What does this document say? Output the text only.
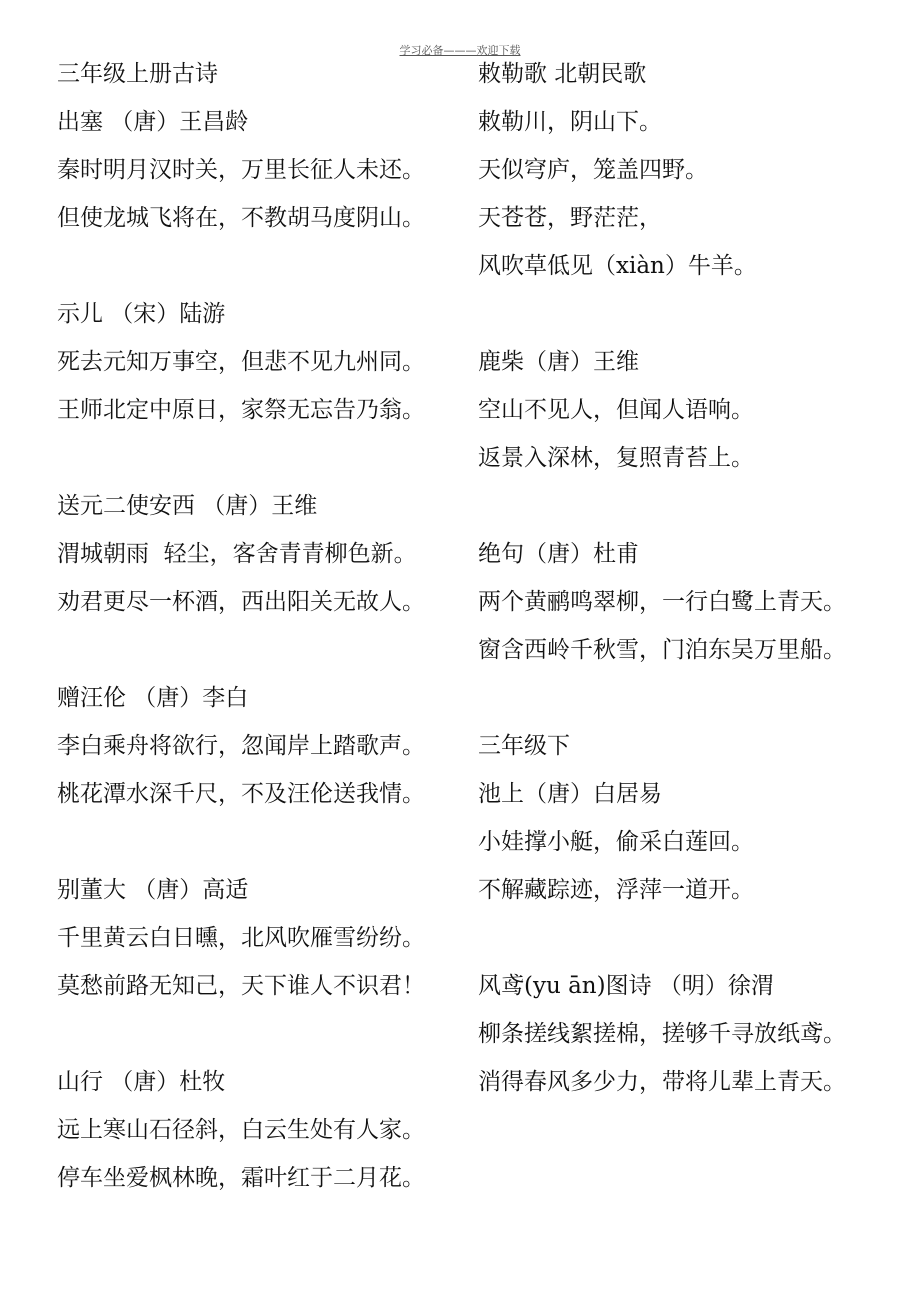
学习必备———欢迎下载
三年级上册古诗
出塞 （唐）王昌龄
秦时明月汉时关，万里长征人未还。
但使龙城飞将在，不教胡马度阴山。
示儿 （宋）陆游
死去元知万事空，但悲不见九州同。
王师北定中原日，家祭无忘告乃翁。
送元二使安西 （唐）王维
渭城朝雨  轻尘，客舍青青柳色新。
劝君更尽一杯酒，西出阳关无故人。
赠汪伦 （唐）李白
李白乘舟将欲行，忽闻岸上踏歌声。
桃花潭水深千尺，不及汪伦送我情。
别董大 （唐）高适
千里黄云白日曛，北风吹雁雪纷纷。
莫愁前路无知己，天下谁人不识君！
山行 （唐）杜牧
远上寒山石径斜，白云生处有人家。
停车坐爱枫林晚，霜叶红于二月花。
敕勒歌 北朝民歌
敕勒川，阴山下。
天似穹庐，笼盖四野。
天苍苍，野茫茫，
风吹草低见（xiàn）牛羊。
鹿柴（唐）王维
空山不见人，但闻人语响。
返景入深林，复照青苔上。
绝句（唐）杜甫
两个黄鹂鸣翠柳，一行白鹭上青天。
窗含西岭千秋雪，门泊东吴万里船。
三年级下
池上（唐）白居易
小娃撑小艇，偷采白莲回。
不解藏踪迹，浮萍一道开。
风鸢(yu ān)图诗 （明）徐渭
柳条搓线絮搓棉，搓够千寻放纸鸢。
消得春风多少力，带将儿辈上青天。
